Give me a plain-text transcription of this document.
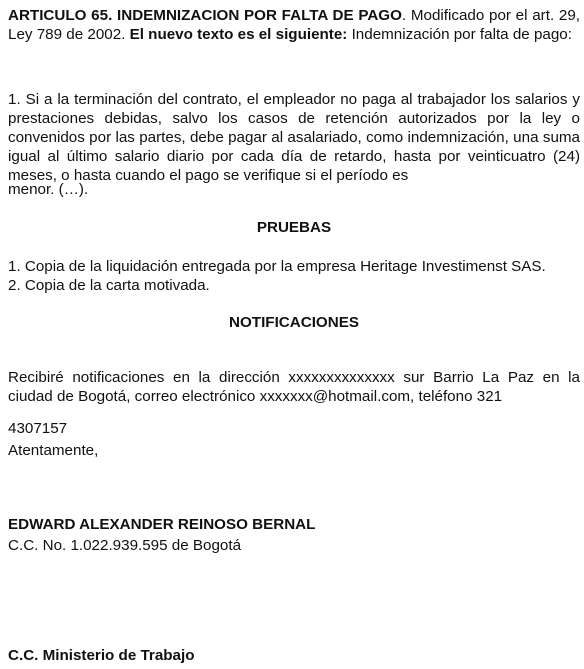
ARTICULO 65. INDEMNIZACION POR FALTA DE PAGO. Modificado por el art. 29, Ley 789 de 2002. El nuevo texto es el siguiente: Indemnización por falta de pago:

1. Si a la terminación del contrato, el empleador no paga al trabajador los salarios y prestaciones debidas, salvo los casos de retención autorizados por la ley o convenidos por las partes, debe pagar al asalariado, como indemnización, una suma igual al último salario diario por cada día de retardo, hasta por veinticuatro (24) meses, o hasta cuando el pago se verifique si el período es

menor. (…).

PRUEBAS

1. Copia de la liquidación entregada por la empresa Heritage Investimenst SAS.

2. Copia de la carta motivada.

NOTIFICACIONES

Recibiré notificaciones en la dirección xxxxxxxxxxxxxx sur Barrio La Paz en la ciudad de Bogotá, correo electrónico xxxxxxx@hotmail.com, teléfono 321

4307157

Atentamente,

EDWARD ALEXANDER REINOSO BERNAL

C.C. No. 1.022.939.595 de Bogotá

C.C. Ministerio de Trabajo
